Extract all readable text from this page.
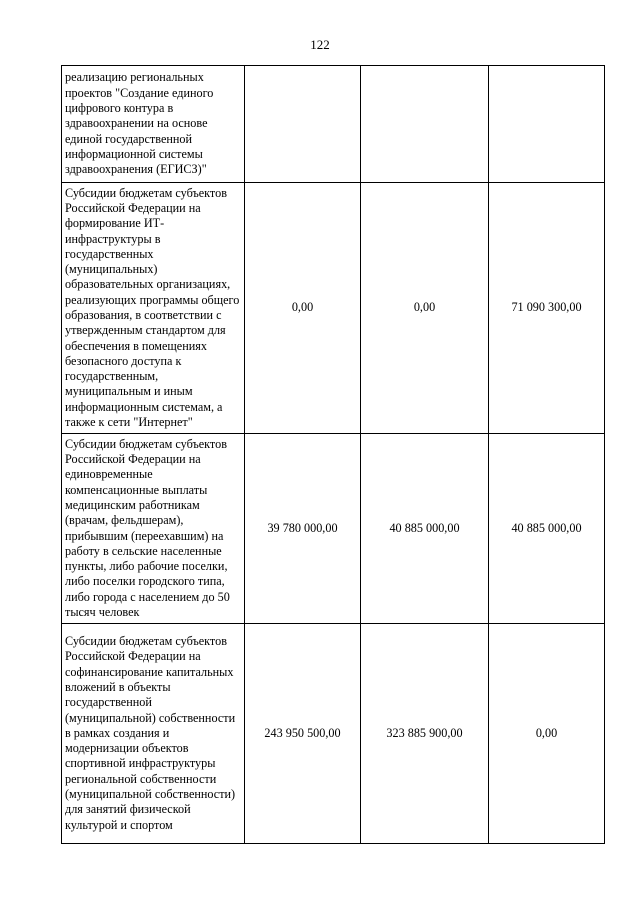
122
реализацию региональных проектов "Создание единого цифрового контура в здравоохранении на основе единой государственной информационной системы здравоохранения (ЕГИСЗ)"			
Субсидии бюджетам субъектов Российской Федерации на формирование ИТ-инфраструктуры в государственных (муниципальных) образовательных организациях, реализующих программы общего образования, в соответствии с утвержденным стандартом для обеспечения в помещениях безопасного доступа к государственным, муниципальным и иным информационным системам, а также к сети "Интернет"	0,00	0,00	71 090 300,00
Субсидии бюджетам субъектов Российской Федерации на единовременные компенсационные выплаты медицинским работникам (врачам, фельдшерам), прибывшим (переехавшим) на работу в сельские населенные пункты, либо рабочие поселки, либо поселки городского типа, либо города с населением до 50 тысяч человек	39 780 000,00	40 885 000,00	40 885 000,00
Субсидии бюджетам субъектов Российской Федерации на софинансирование капитальных вложений в объекты государственной (муниципальной) собственности в рамках создания и модернизации объектов спортивной инфраструктуры региональной собственности (муниципальной собственности) для занятий физической культурой и спортом	243 950 500,00	323 885 900,00	0,00
